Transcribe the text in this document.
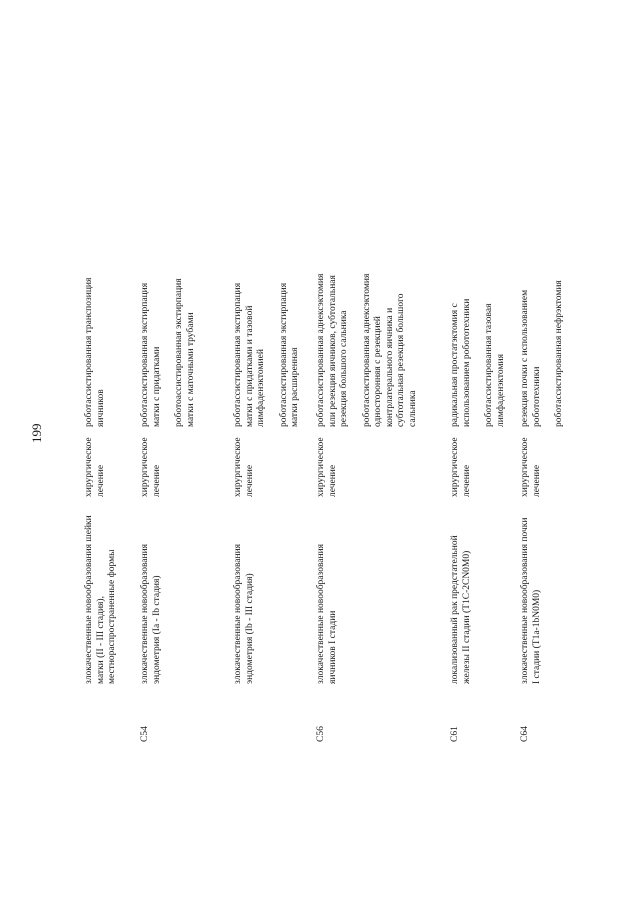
199
злокачественные новообразования шейки матки (II - III стадия), местнораспространенные формы
хирургическое лечение
роботассистированная транспозиция яичников
C54
злокачественные новообразования эндометрия (Ia - Ib стадия)
хирургическое лечение
роботассистированная экстирпация матки с придатками роботоассистированная экстирпация матки с маточными трубами
злокачественные новообразования эндометрия (Ib - III стадия)
хирургическое лечение
роботассистированная экстирпация матки с придатками и тазовой лимфаденэктомией роботассистированная экстирпация матки расширенная
C56
злокачественные новообразования яичников I стадии
хирургическое лечение
роботассистированная аднексэктомия или резекция яичников, субтотальная резекция большого сальника роботассистированная аднексэктомия односторонняя с резекцией контрлатерального яичника и субтотальная резекция большого сальника
C61
локализованный рак предстательной железы II стадии (T1C-2CN0M0)
хирургическое лечение
радикальная простатэктомия с использованием робототехники роботассистированная тазовая лимфаденэктомия
C64
злокачественные новообразования почки I стадии (T1a-1bN0M0)
хирургическое лечение
резекция почки с использованием робототехники роботассистированная нефрэктомия
